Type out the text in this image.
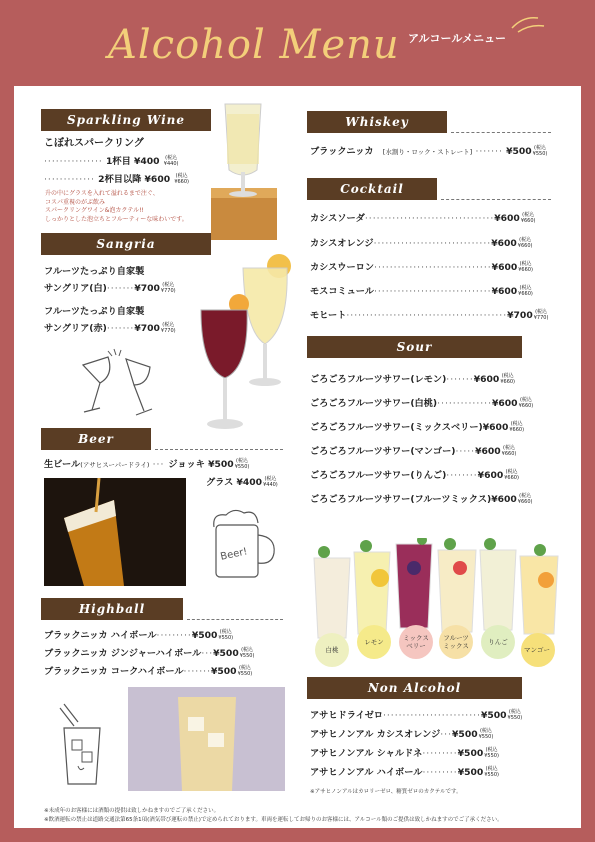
Alcohol Menu アルコールメニュー
Sparkling Wine
こぼれスパークリング
··············· 1杯目 ¥400 (税込
¥440)
············· 2杯目以降 ¥600 (税込
¥660)
升の中にグラスを入れて溢れるまで注ぐ、
コスパ重視のがぶ飲み
スパークリングワイン&泡カクテル!!
しっかりとした泡立ちとフルーティーな味わいです。
Sangria
フルーツたっぷり自家製
サングリア(白)·······¥700 (税込
¥770)
フルーツたっぷり自家製
サングリア(赤)·······¥700 (税込
¥770)
Beer
生ビール(アサヒスーパードライ) ··· ジョッキ ¥500 (税込
¥550)
グラス ¥400 (税込
¥440)
Beer!
Highball
ブラックニッカ ハイボール·········¥500 (税込
¥550)
ブラックニッカ ジンジャーハイボール···¥500 (税込
¥550)
ブラックニッカ コークハイボール·······¥500 (税込
¥550)
Whiskey
ブラックニッカ [水割り・ロック・ストレート] ······· ¥500 (税込
¥550)
Cocktail
カシスソーダ·································¥600 (税込
¥660)
カシスオレンジ······························¥600 (税込
¥660)
カシスウーロン······························¥600 (税込
¥660)
モスコミュール······························¥600 (税込
¥660)
モヒート·········································¥700 (税込
¥770)
Sour
ごろごろフルーツサワー(レモン)·······¥600 (税込
¥660)
ごろごろフルーツサワー(白桃)··············¥600 (税込
¥660)
ごろごろフルーツサワー(ミックスベリー)¥600 (税込
¥660)
ごろごろフルーツサワー(マンゴー)·····¥600 (税込
¥660)
ごろごろフルーツサワー(りんご)········¥600 (税込
¥660)
ごろごろフルーツサワー(フルーツミックス)¥600 (税込
¥660)
白桃
レモン	ミックス
ベリー
フルーツ
ミックス	りんご
マンゴー
Non Alcohol
アサヒドライゼロ·························¥500 (税込
¥550)
アサヒノンアル カシスオレンジ···¥500 (税込
¥550)
アサヒノンアル シャルドネ·········¥500 (税込
¥550)
アサヒノンアル ハイボール·········¥500 (税込
¥550)
※アサヒノンアルはカロリーゼロ、糖質ゼロのカクテルです。
※未成年のお客様には酒類の提供は致しかねますのでご了承ください。
※飲酒運転の禁止は道路交通法第65条1項(酒気帯び運転の禁止)で定められております。車両を運転してお帰りのお客様には、アルコール類のご提供は致しかねますのでご了承ください。
